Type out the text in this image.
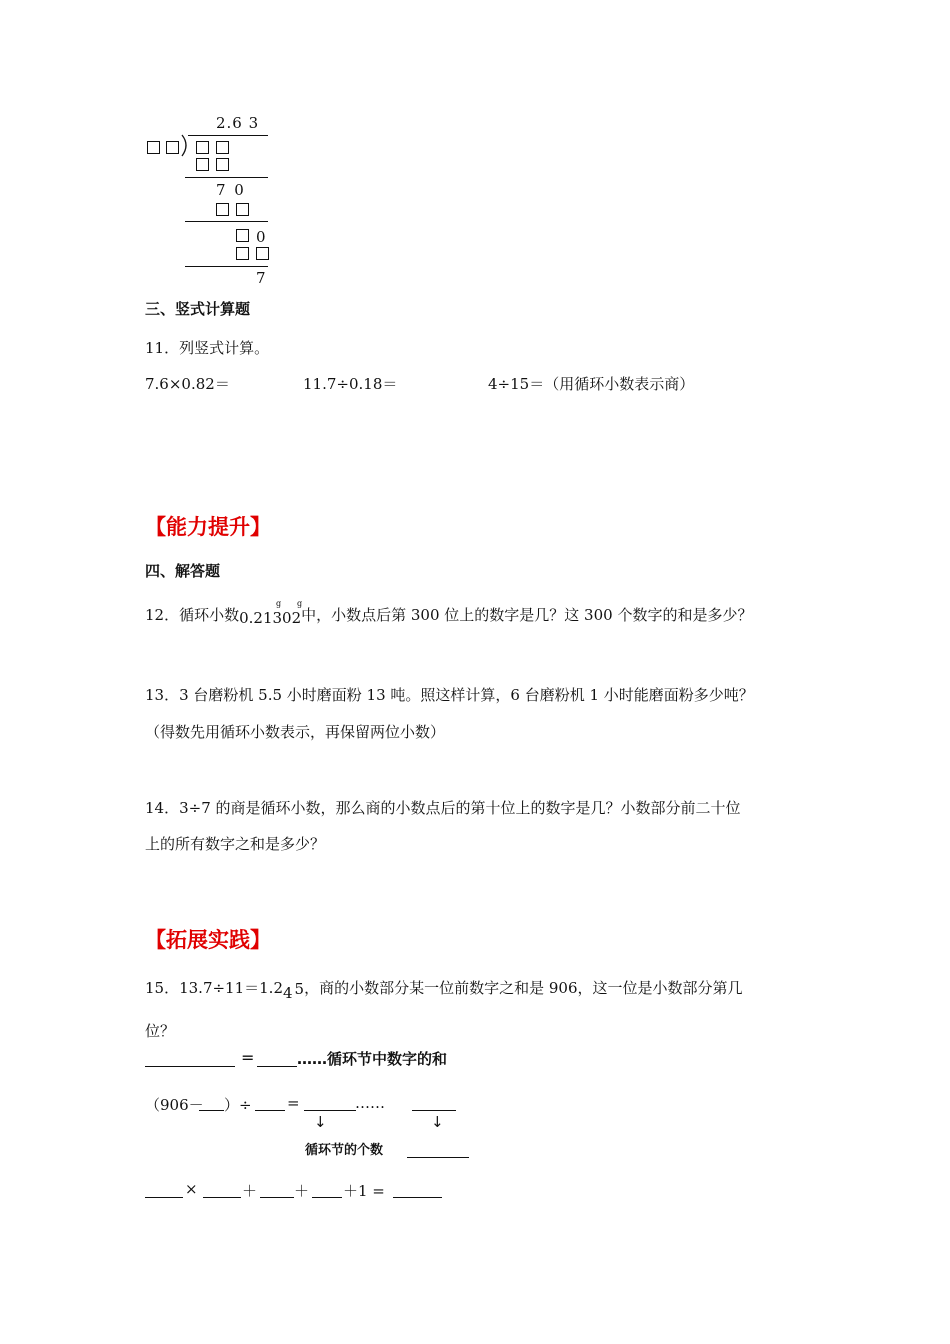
2.6 3
7 0
0
7
三、竖式计算题
11．列竖式计算。
7.6×0.82＝	11.7÷0.18＝	4÷15＝（用循环小数表示商）
【能力提升】
四、解答题
12．循环小数0.21302中，小数点后第 300 位上的数字是几？这 300 个数字的和是多少？
g g
13．3 台磨粉机 5.5 小时磨面粉 13 吨。照这样计算，6 台磨粉机 1 小时能磨面粉多少吨？
（得数先用循环小数表示，再保留两位小数）
14．3÷7 的商是循环小数，那么商的小数点后的第十位上的数字是几？小数部分前二十位
上的所有数字之和是多少？
【拓展实践】
15．13.7÷11＝1.24 5，商的小数部分某一位前数字之和是 906，这一位是小数部分第几
位？
=	……循环节中数字的和
（906－ ）÷ =	……
↓	↓
循环节的个数
×	＋ ＋ ＋1 =
